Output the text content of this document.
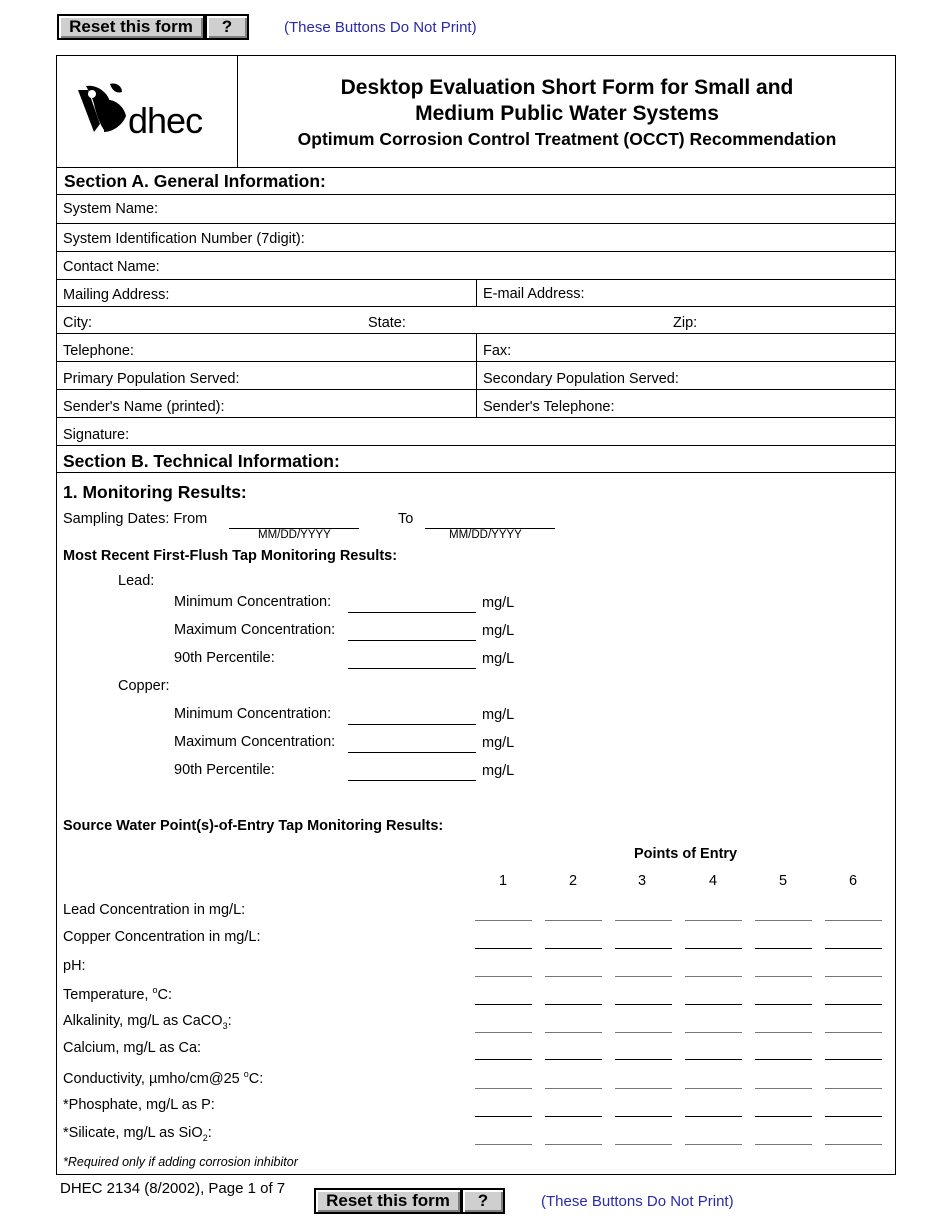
Reset this form	?	(These Buttons Do Not Print)
dhec
Desktop Evaluation Short Form for Small and
Medium Public Water Systems
Optimum Corrosion Control Treatment (OCCT) Recommendation
Section A. General Information:
System Name:
System Identification Number (7digit):
Contact Name:
Mailing Address:	E-mail Address:
City:	State:	Zip:
Telephone:	Fax:
Primary Population Served:	Secondary Population Served:
Sender's Name (printed):	Sender's Telephone:
Signature:
Section B. Technical Information:
1. Monitoring Results:
Sampling Dates: From
MM/DD/YYYY
To
MM/DD/YYYY
Most Recent First-Flush Tap Monitoring Results:
Lead:
Minimum Concentration:	mg/L
Maximum Concentration:	mg/L
90th Percentile:	mg/L
Copper:
Minimum Concentration:	mg/L
Maximum Concentration:	mg/L
90th Percentile:	mg/L
Source Water Point(s)-of-Entry Tap Monitoring Results:
Points of Entry
1	2	3	4	5	6
Lead Concentration in mg/L:
Copper Concentration in mg/L:
pH:
Temperature, $^o$C:
Alkalinity, mg/L as CaCO$_3$:
Calcium, mg/L as Ca:
Conductivity, µmho/cm@25 $^o$C:
*Phosphate, mg/L as P:
*Silicate, mg/L as SiO$_2$:
*Required only if adding corrosion inhibitor
DHEC 2134 (8/2002), Page 1 of 7
Reset this form	?	(These Buttons Do Not Print)
